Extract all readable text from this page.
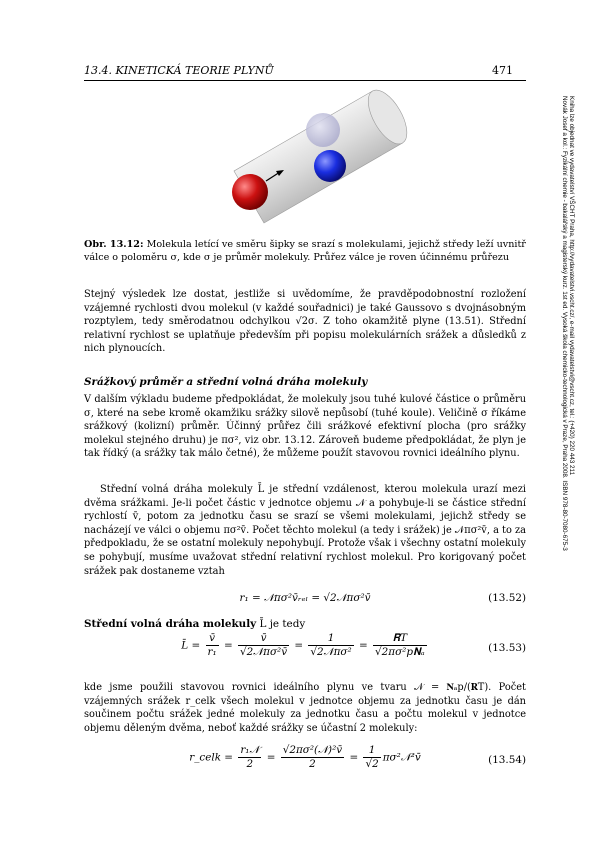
13.4. KINETICKÁ TEORIE PLYNŮ	471
Obr. 13.12: Molekula letící ve směru šipky se srazí s molekulami, jejichž středy leží uvnitř válce o poloměru σ, kde σ je průměr molekuly. Průřez válce je roven účinnému průřezu

Stejný výsledek lze dostat, jestliže si uvědomíme, že pravděpodobnostní rozložení vzájemné rychlosti dvou molekul (v každé souřadnici) je také Gaussovo s dvojnásobným rozptylem, tedy směrodatnou odchylkou √2σ. Z toho okamžitě plyne (13.51). Střední relativní rychlost se uplatňuje především při popisu molekulárních srážek a důsledků z nich plynoucích.

Srážkový průměr a střední volná dráha molekuly

V dalším výkladu budeme předpokládat, že molekuly jsou tuhé kulové částice o průměru σ, které na sebe kromě okamžiku srážky silově nepůsobí (tuhé koule). Veličině σ říkáme srážkový (kolizní) průměr. Účinný průřez čili srážkové efektivní plocha (pro srážky molekul stejného druhu) je πσ², viz obr. 13.12. Zároveň budeme předpokládat, že plyn je tak řídký (a srážky tak málo četné), že můžeme použít stavovou rovnici ideálního plynu.

Střední volná dráha molekuly L̄ je střední vzdálenost, kterou molekula urazí mezi dvěma srážkami. Je-li počet částic v jednotce objemu 𝒩 a pohybuje-li se částice střední rychlostí v̄, potom za jednotku času se srazí se všemi molekulami, jejichž středy se nacházejí ve válci o objemu πσ²v̄. Počet těchto molekul (a tedy i srážek) je 𝒩πσ²v̄, a to za předpokladu, že se ostatní molekuly nepohybují. Protože však i všechny ostatní molekuly se pohybují, musíme uvažovat střední relativní rychlost molekul. Pro korigovaný počet srážek pak dostaneme vztah

r₁ = 𝒩πσ²v̄ᵣₑₗ = √2𝒩πσ²v̄	(13.52)

Střední volná dráha molekuly L̄ je tedy

L̄ = $\frac{v̄}{\text{r₁}} = \frac{v̄}{\text{√2𝒩πσ²v̄}} = \frac{1}{\text{√2𝒩πσ²}} = \frac{\text{𝐑T}}{\text{√2πσ²p𝐍ₐ}}$	(13.53)

kde jsme použili stavovou rovnici ideálního plynu ve tvaru 𝒩 = 𝐍ₐp/(𝐑T). Počet vzájemných srážek r_celk všech molekul v jednotce objemu za jednotku času je dán součinem počtu srážek jedné molekuly za jednotku času a počtu molekul v jednotce objemu děleným dvěma, neboť každé srážky se účastní 2 molekuly:

r_celk = $\frac{\text{r₁𝒩}}{2} = \frac{\text{√2πσ²(𝒩)²v̄}}{2} = \frac{1}{√2}$ πσ²𝒩²v̄	(13.54)
Novák Josef a kol.: Fyzikální chemie - bakalářský a magisterský kurz. 1st ed. Vysoká škola chemicko-technologická v Praze, Praha 2008. ISBN 978-80-7080-675-3 Kniha lze objednat ve vydavatelství VŠCHT Praha, http://vydavatelstvi.vscht.cz/, e-mail vydavatelstvi@vscht.cz, tel.: (+420) 220 443 211
